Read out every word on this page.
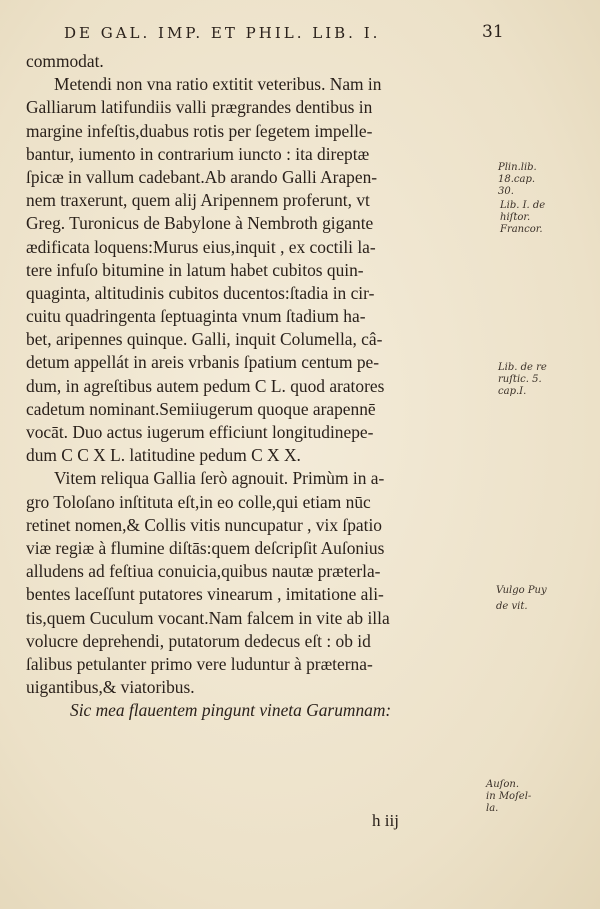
DE GAL. IMP. ET PHIL. LIB. I.	31
commodat.
Metendi non vna ratio extitit veteribus. Nam in
Galliarum latifundiis valli prægrandes dentibus in
margine infeſtis,duabus rotis per ſegetem impelle-
bantur, iumento in contrarium iuncto : ita direptæ
ſpicæ in vallum cadebant.Ab arando Galli Arapen-
nem traxerunt, quem alij Aripennem proferunt, vt
Greg. Turonicus de Babylone à Nembroth gigante
ædificata loquens:Murus eius,inquit , ex coctili la-
tere infuſo bitumine in latum habet cubitos quin-
quaginta, altitudinis cubitos ducentos:ſtadia in cir-
cuitu quadringenta ſeptuaginta vnum ſtadium ha-
bet, aripennes quinque. Galli, inquit Columella, câ-
detum appellát in areis vrbanis ſpatium centum pe-
dum, in agreſtibus autem pedum C L. quod aratores
cadetum nominant.Semiiugerum quoque arapennē
vocāt. Duo actus iugerum efficiunt longitudinepe-
dum C C X L. latitudine pedum C X X.
Vitem reliqua Gallia ſerò agnouit. Primùm in a-
gro Toloſano inſtituta eſt,in eo colle,qui etiam nūc
retinet nomen,& Collis vitis nuncupatur , vix ſpatio
viæ regiæ à flumine diſtās:quem deſcripſit Auſonius
alludens ad feſtiua conuicia,quibus nautæ præterla-
bentes laceſſunt putatores vinearum , imitatione ali-
tis,quem Cuculum vocant.Nam falcem in vite ab illa
volucre deprehendi, putatorum dedecus eſt : ob id
ſalibus petulanter primo vere luduntur à præterna-
uigantibus,& viatoribus.
Sic mea flauentem pingunt vineta Garumnam:
Plin.lib.
18.cap.
30.
Lib. I. de
hiſtor.
Francor.
Lib. de re
ruſtic. 5.
cap.I.
Vulgo Puy
de vit.
Auſon.
in Moſel-
la.
h iij
